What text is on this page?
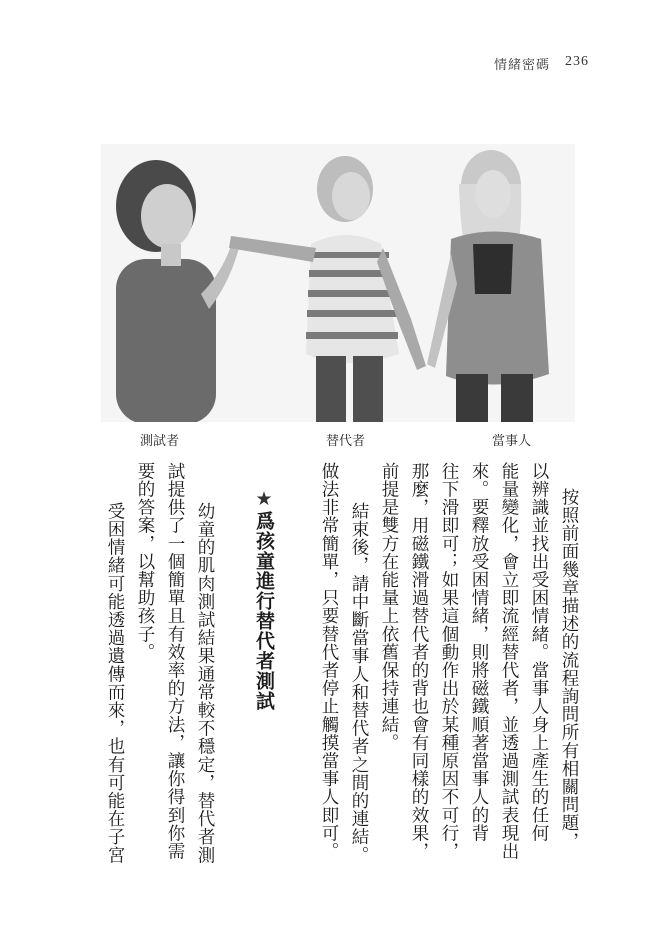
情緒密碼 236
測試者	替代者	當事人
按照前面幾章描述的流程詢問所有相關問題，
以辨識並找出受困情緒。當事人身上產生的任何
能量變化，會立即流經替代者，並透過測試表現出
來。要釋放受困情緒，則將磁鐵順著當事人的背
往下滑即可；如果這個動作出於某種原因不可行，
那麼，用磁鐵滑過替代者的背也會有同樣的效果，
前提是雙方在能量上依舊保持連結。
結束後，請中斷當事人和替代者之間的連結。
做法非常簡單，只要替代者停止觸摸當事人即可。
★爲孩童進行替代者測試
幼童的肌肉測試結果通常較不穩定，替代者測
試提供了一個簡單且有效率的方法，讓你得到你需
要的答案，以幫助孩子。
受困情緒可能透過遺傳而來，也有可能在子宮
